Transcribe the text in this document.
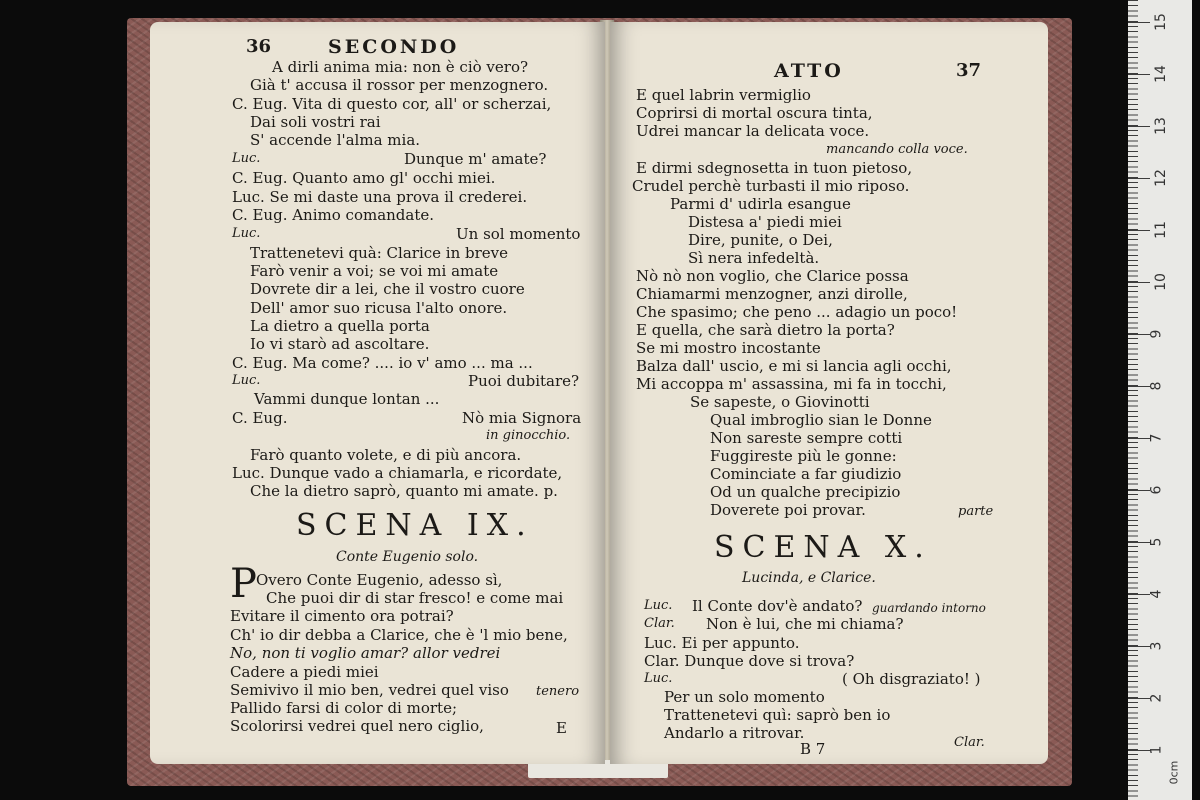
36	SECONDO
A dirli anima mia: non è ciò vero?
Già t' accusa il rossor per menzognero.
C. Eug. Vita di questo cor, all' or scherzai,
Dai soli vostri rai
S' accende l'alma mia.
Luc.	Dunque m' amate?
C. Eug. Quanto amo gl' occhi miei.
Luc. Se mi daste una prova il crederei.
C. Eug. Animo comandate.
Luc.	Un sol momento
Trattenetevi quà: Clarice in breve
Farò venir a voi; se voi mi amate
Dovrete dir a lei, che il vostro cuore
Dell' amor suo ricusa l'alto onore.
La dietro a quella porta
Io vi starò ad ascoltare.
C. Eug. Ma come? .... io v' amo ... ma ...
Luc.	Puoi dubitare?
Vammi dunque lontan ...
C. Eug.	Nò mia Signora
in ginocchio.
Farò quanto volete, e di più ancora.
Luc. Dunque vado a chiamarla, e ricordate,
Che la dietro saprò, quanto mi amate. p.
SCENA IX.
Conte Eugenio solo.
P Overo Conte Eugenio, adesso sì,
Che puoi dir di star fresco! e come mai
Evitare il cimento ora potrai?
Ch' io dir debba a Clarice, che è 'l mio bene,
No, non ti voglio amar? allor vedrei
Cadere a piedi miei
Semivivo il mio ben, vedrei quel viso tenero
Pallido farsi di color di morte;
Scolorirsi vedrei quel nero ciglio,	E
ATTO	37
E quel labrin vermiglio
Coprirsi di mortal oscura tinta,
Udrei mancar la delicata voce.
mancando colla voce.
E dirmi sdegnosetta in tuon pietoso,
Crudel perchè turbasti il mio riposo.
Parmi d' udirla esangue
Distesa a' piedi miei
Dire, punite, o Dei,
Sì nera infedeltà.
Nò nò non voglio, che Clarice possa
Chiamarmi menzogner, anzi dirolle,
Che spasimo; che peno ... adagio un poco!
E quella, che sarà dietro la porta?
Se mi mostro incostante
Balza dall' uscio, e mi si lancia agli occhi,
Mi accoppa m' assassina, mi fa in tocchi,
Se sapeste, o Giovinotti
Qual imbroglio sian le Donne
Non sareste sempre cotti
Fuggireste più le gonne:
Cominciate a far giudizio
Od un qualche precipizio
Doverete poi provar.	parte
SCENA X.
Lucinda, e Clarice.
Luc.
Clar.
Il Conte dov'è andato? guardando intorno
Non è lui, che mi chiama?
Luc. Ei per appunto.
Clar. Dunque dove si trova?
Luc.	( Oh disgraziato! )
Per un solo momento
Trattenetevi quì: saprò ben io
Andarlo a ritrovar.
B 7	Clar.
15
14
13
12
11
10
9
8
7
6
5
4
3
2
1
0cm
